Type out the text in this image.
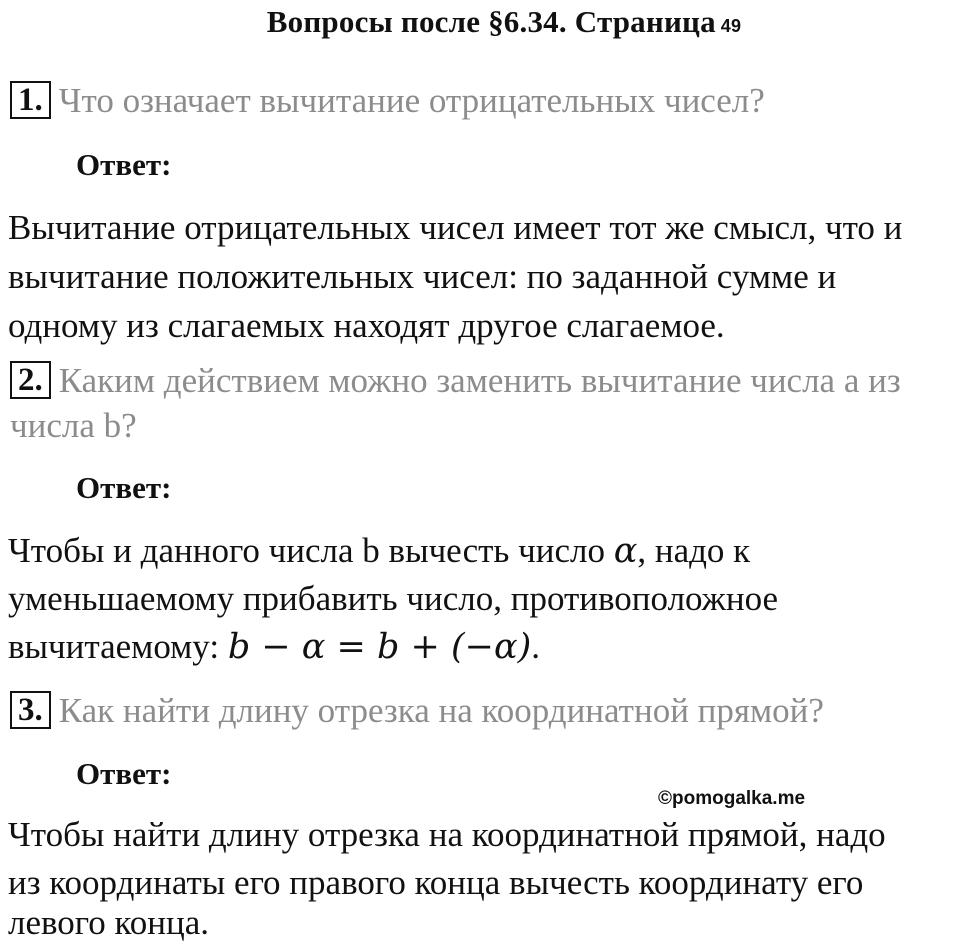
Вопросы после §6.34. Страница 49
1. Что означает вычитание отрицательных чисел?
Ответ:
Вычитание отрицательных чисел имеет тот же смысл, что и
вычитание положительных чисел: по заданной сумме и
одному из слагаемых находят другое слагаемое.
2. Каким действием можно заменить вычитание числа a из
числа b?
Ответ:
Чтобы и данного числа b вычесть число α, надо к
уменьшаемому прибавить число, противоположное
вычитаемому: b − α = b + (−α).
3. Как найти длину отрезка на координатной прямой?
Ответ:
©pomogalka.me
Чтобы найти длину отрезка на координатной прямой, надо
из координаты его правого конца вычесть координату его
левого конца.
